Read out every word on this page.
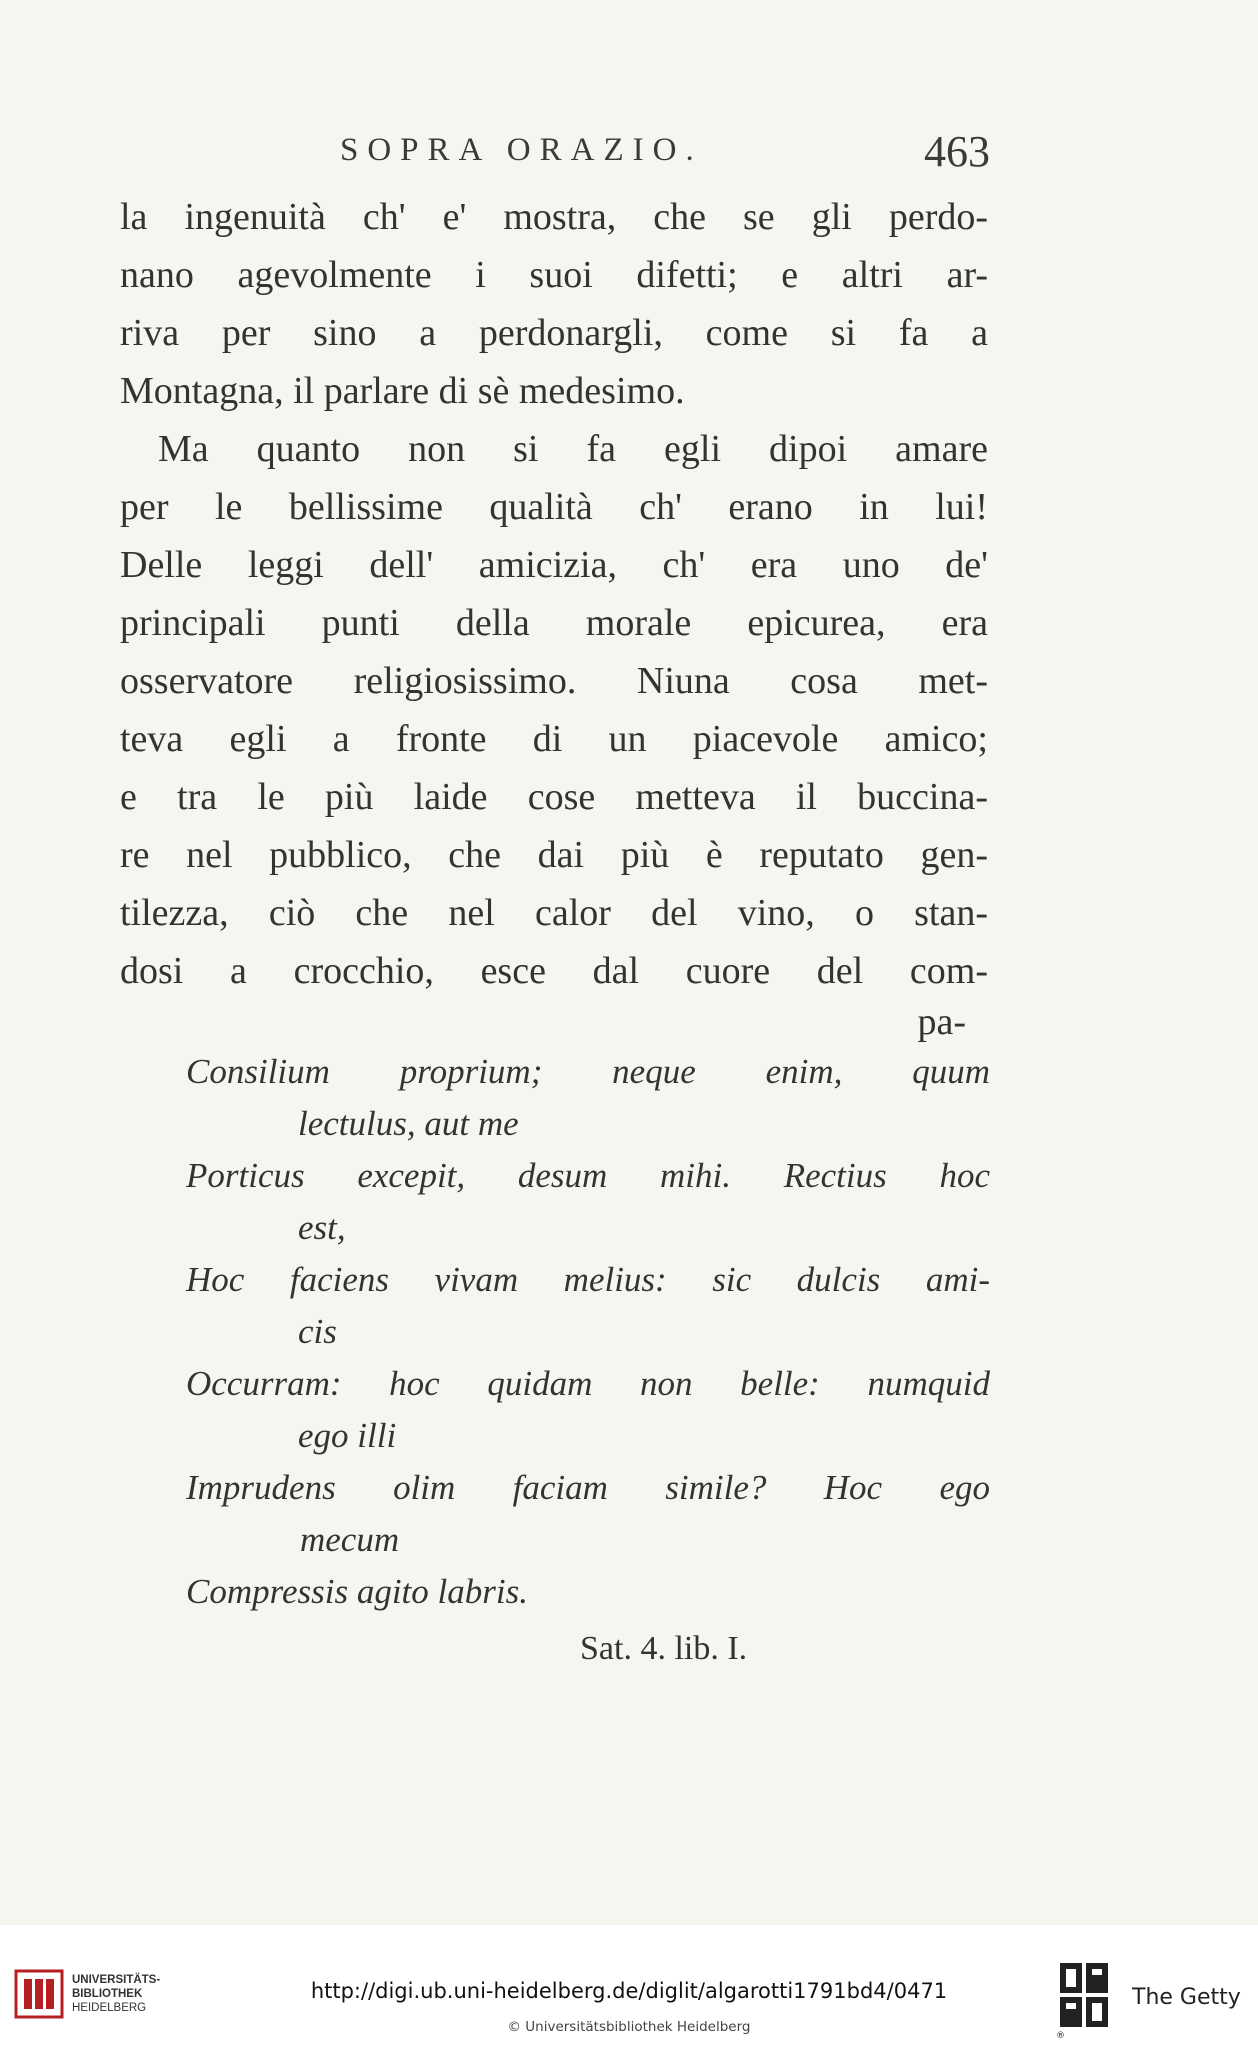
SOPRA ORAZIO.	463
la ingenuità ch' e' mostra, che se gli perdo-
nano agevolmente i suoi difetti; e altri ar-
riva per sino a perdonargli, come si fa a
Montagna, il parlare di sè medesimo.
Ma quanto non si fa egli dipoi amare
per le bellissime qualità ch' erano in lui!
Delle leggi dell' amicizia, ch' era uno de'
principali punti della morale epicurea, era
osservatore religiosissimo. Niuna cosa met-
teva egli a fronte di un piacevole amico;
e tra le più laide cose metteva il buccina-
re nel pubblico, che dai più è reputato gen-
tilezza, ciò che nel calor del vino, o stan-
dosi a crocchio, esce dal cuore del com-
pa-
Consilium proprium; neque enim, quum
lectulus, aut me
Porticus excepit, desum mihi. Rectius hoc
est,
Hoc faciens vivam melius: sic dulcis ami-
cis
Occurram: hoc quidam non belle: numquid
ego illi
Imprudens olim faciam simile? Hoc ego
mecum
Compressis agito labris.
Sat. 4. lib. I.
UNIVERSITÄTS-
BIBLIOTHEK
HEIDELBERG
http://digi.ub.uni-heidelberg.de/diglit/algarotti1791bd4/0471
© Universitätsbibliothek Heidelberg
®
The Getty
